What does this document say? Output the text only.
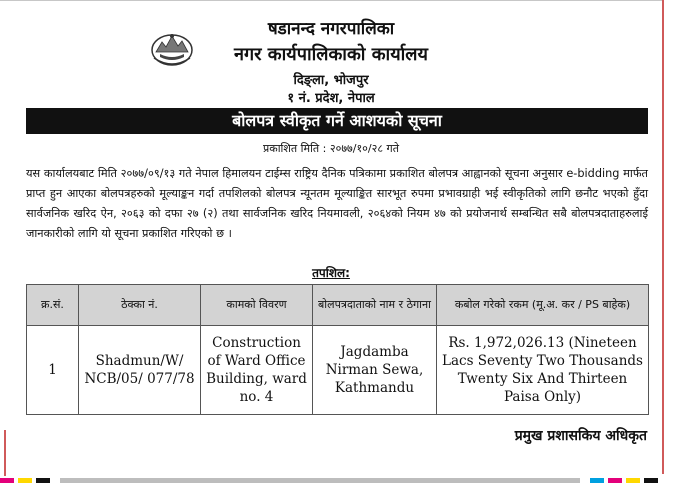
षडानन्द नगरपालिका
नगर कार्यपालिकाको कार्यालय
दिङ्ला, भोजपुर
१ नं. प्रदेश, नेपाल
बोलपत्र स्वीकृत गर्ने आशयको सूचना
प्रकाशित मिति : २०७७/१०/२८ गते
यस कार्यालयबाट मिति २०७७/०९/१३ गते नेपाल हिमालयन टाईम्स राष्ट्रिय दैनिक पत्रिकामा प्रकाशित बोलपत्र आह्वानको सूचना अनुसार e-bidding मार्फत प्राप्त हुन आएका बोलपत्रहरुको मूल्याङ्कन गर्दा तपशिलको बोलपत्र न्यूनतम मूल्याङ्कित सारभूत रुपमा प्रभावग्राही भई स्वीकृतिको लागि छनौट भएको हुँदा सार्वजनिक खरिद ऐन, २०६३ को दफा २७ (२) तथा सार्वजनिक खरिद नियमावली, २०६४को नियम ४७ को प्रयोजनार्थ सम्बन्धित सबै बोलपत्रदाताहरुलाई जानकारीको लागि यो सूचना प्रकाशित गरिएको छ ।
तपशिल:
क्र.सं.	ठेक्का नं.	कामको विवरण	बोलपत्रदाताको नाम र ठेगाना	कबोल गरेको रकम (मू.अ. कर / PS बाहेक)
1	Shadmun/W/ NCB/05/ 077/78	Construction of Ward Office Building, ward no. 4	Jagdamba Nirman Sewa, Kathmandu	Rs. 1,972,026.13 (Nineteen Lacs Seventy Two Thousands Twenty Six And Thirteen Paisa Only)
प्रमुख प्रशासकिय अधिकृत
